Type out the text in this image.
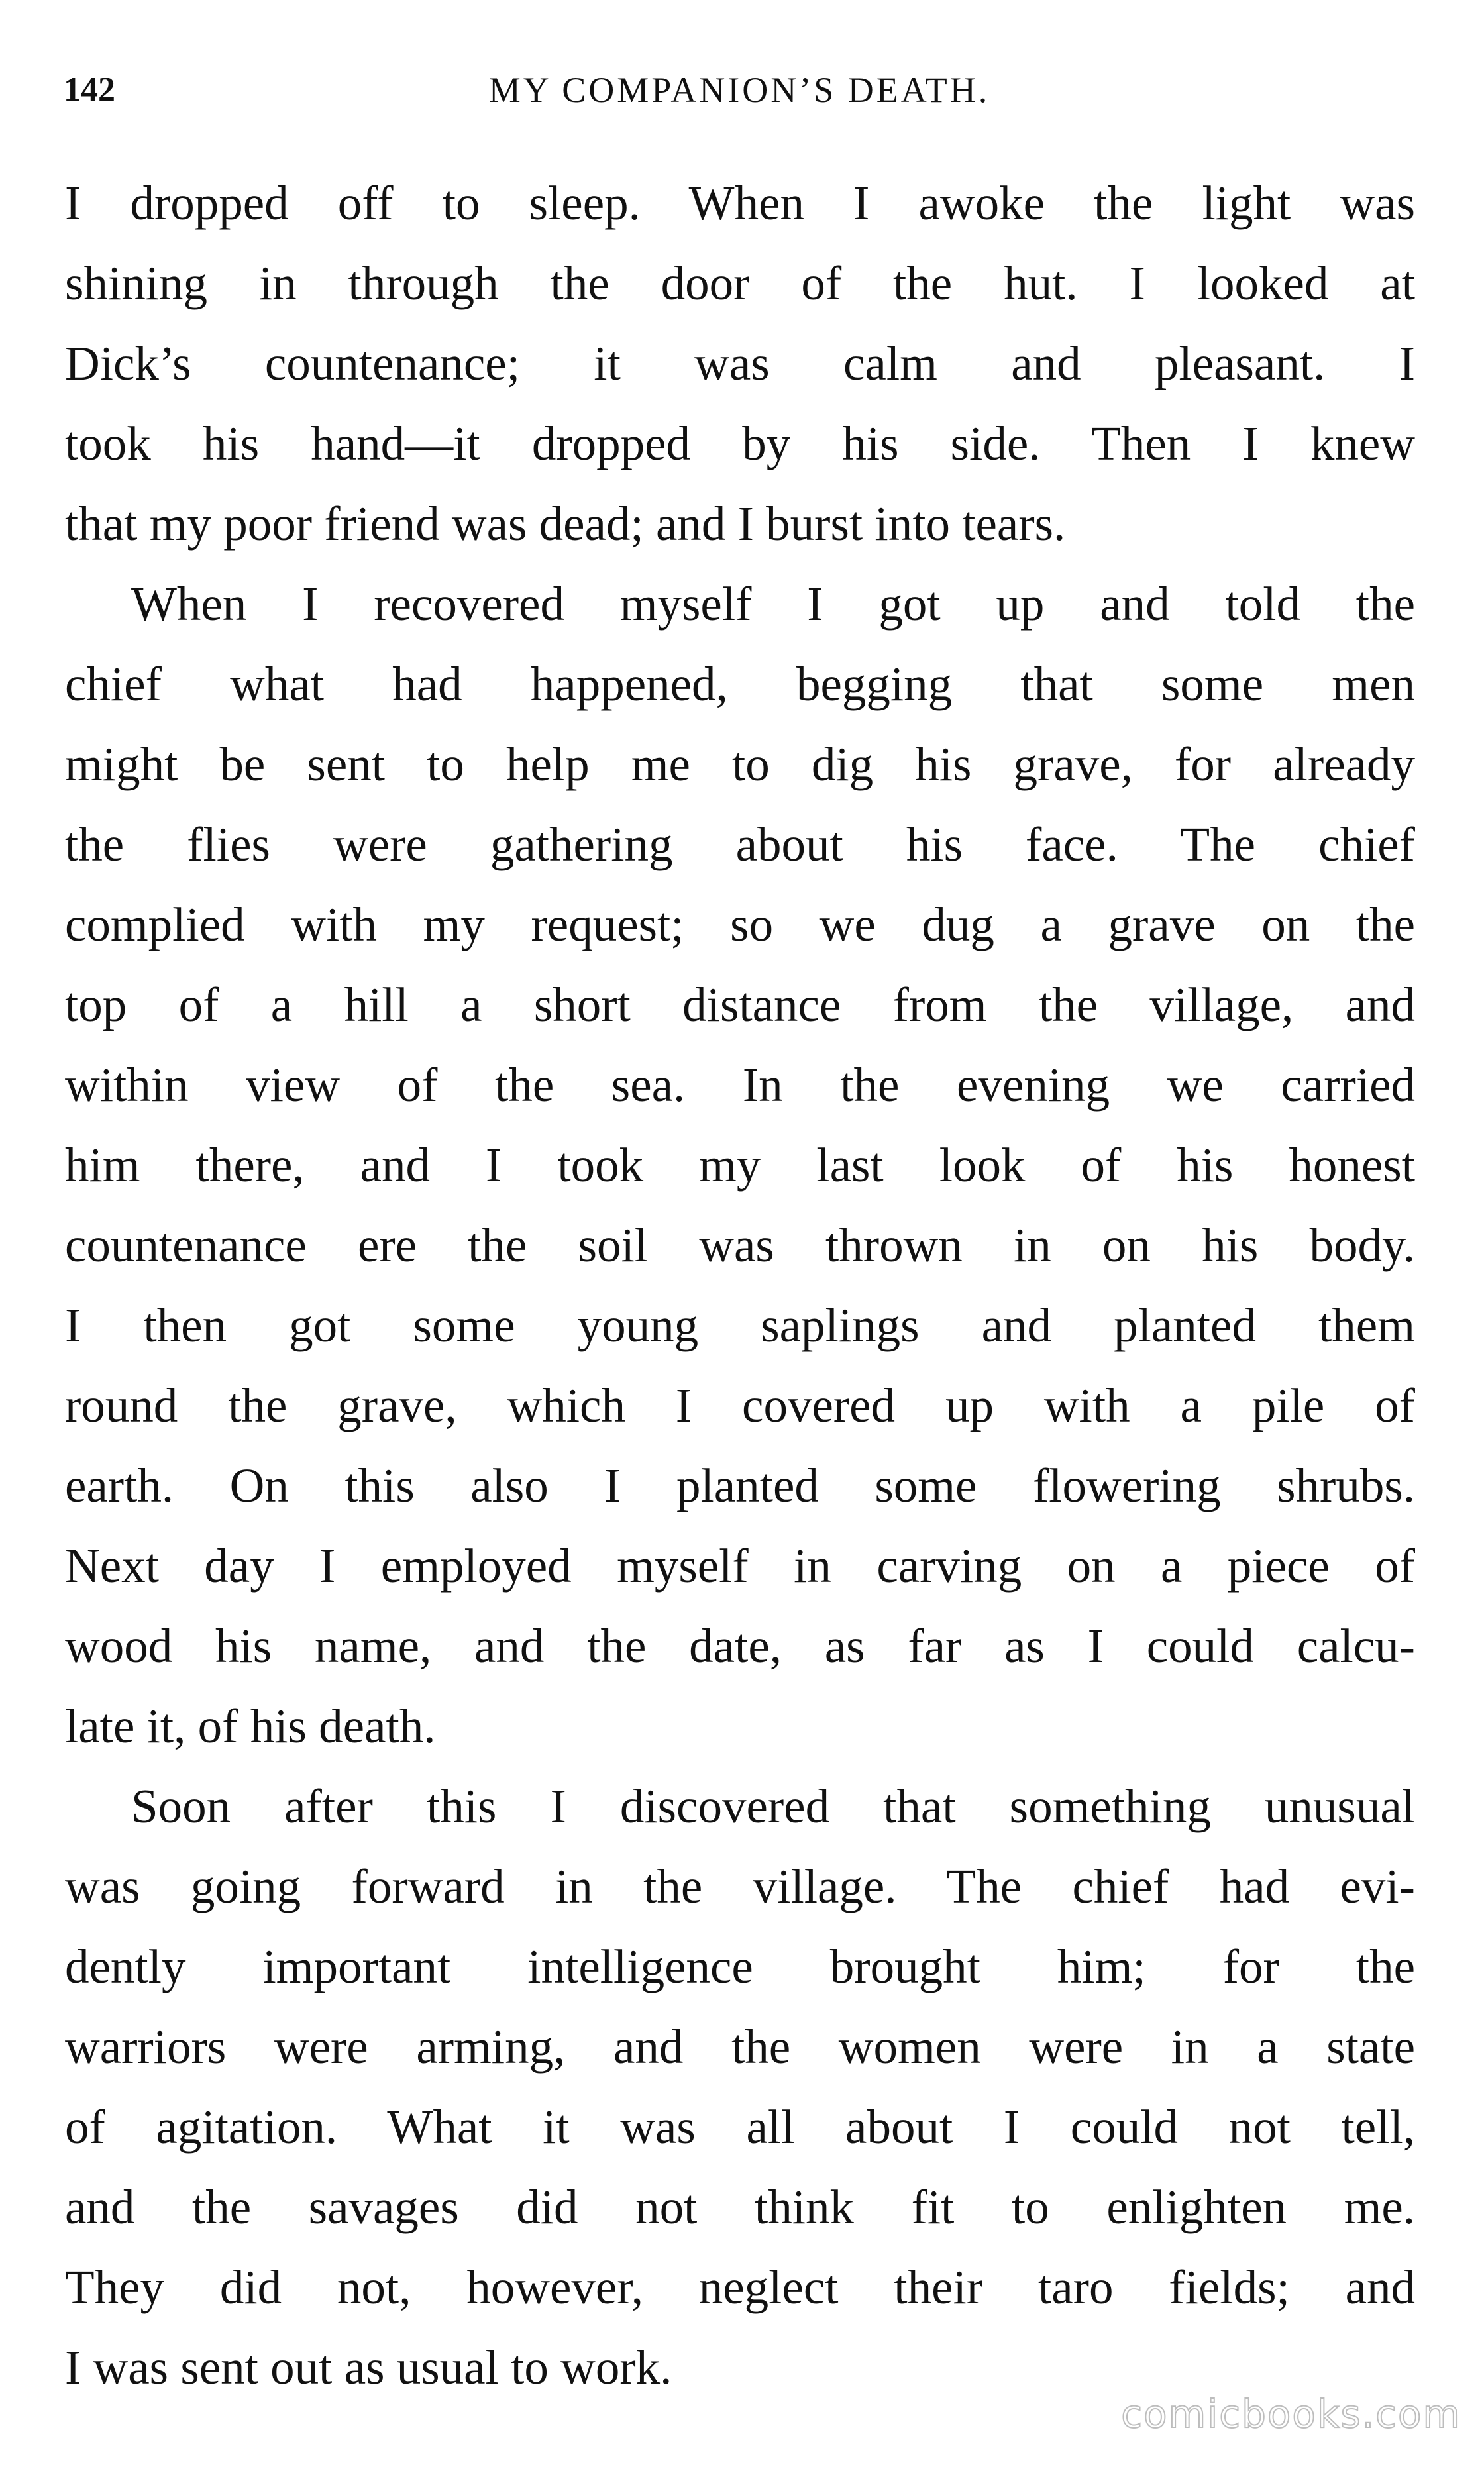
142	MY COMPANION’S DEATH.
I dropped off to sleep. When I awoke the light was
shining in through the door of the hut. I looked at
Dick’s countenance; it was calm and pleasant. I
took his hand—it dropped by his side. Then I knew
that my poor friend was dead; and I burst into tears.
When I recovered myself I got up and told the
chief what had happened, begging that some men
might be sent to help me to dig his grave, for already
the flies were gathering about his face. The chief
complied with my request; so we dug a grave on the
top of a hill a short distance from the village, and
within view of the sea. In the evening we carried
him there, and I took my last look of his honest
countenance ere the soil was thrown in on his body.
I then got some young saplings and planted them
round the grave, which I covered up with a pile of
earth. On this also I planted some flowering shrubs.
Next day I employed myself in carving on a piece of
wood his name, and the date, as far as I could calcu-
late it, of his death.
Soon after this I discovered that something unusual
was going forward in the village. The chief had evi-
dently important intelligence brought him; for the
warriors were arming, and the women were in a state
of agitation. What it was all about I could not tell,
and the savages did not think fit to enlighten me.
They did not, however, neglect their taro fields; and
I was sent out as usual to work.
comicbooks.com
